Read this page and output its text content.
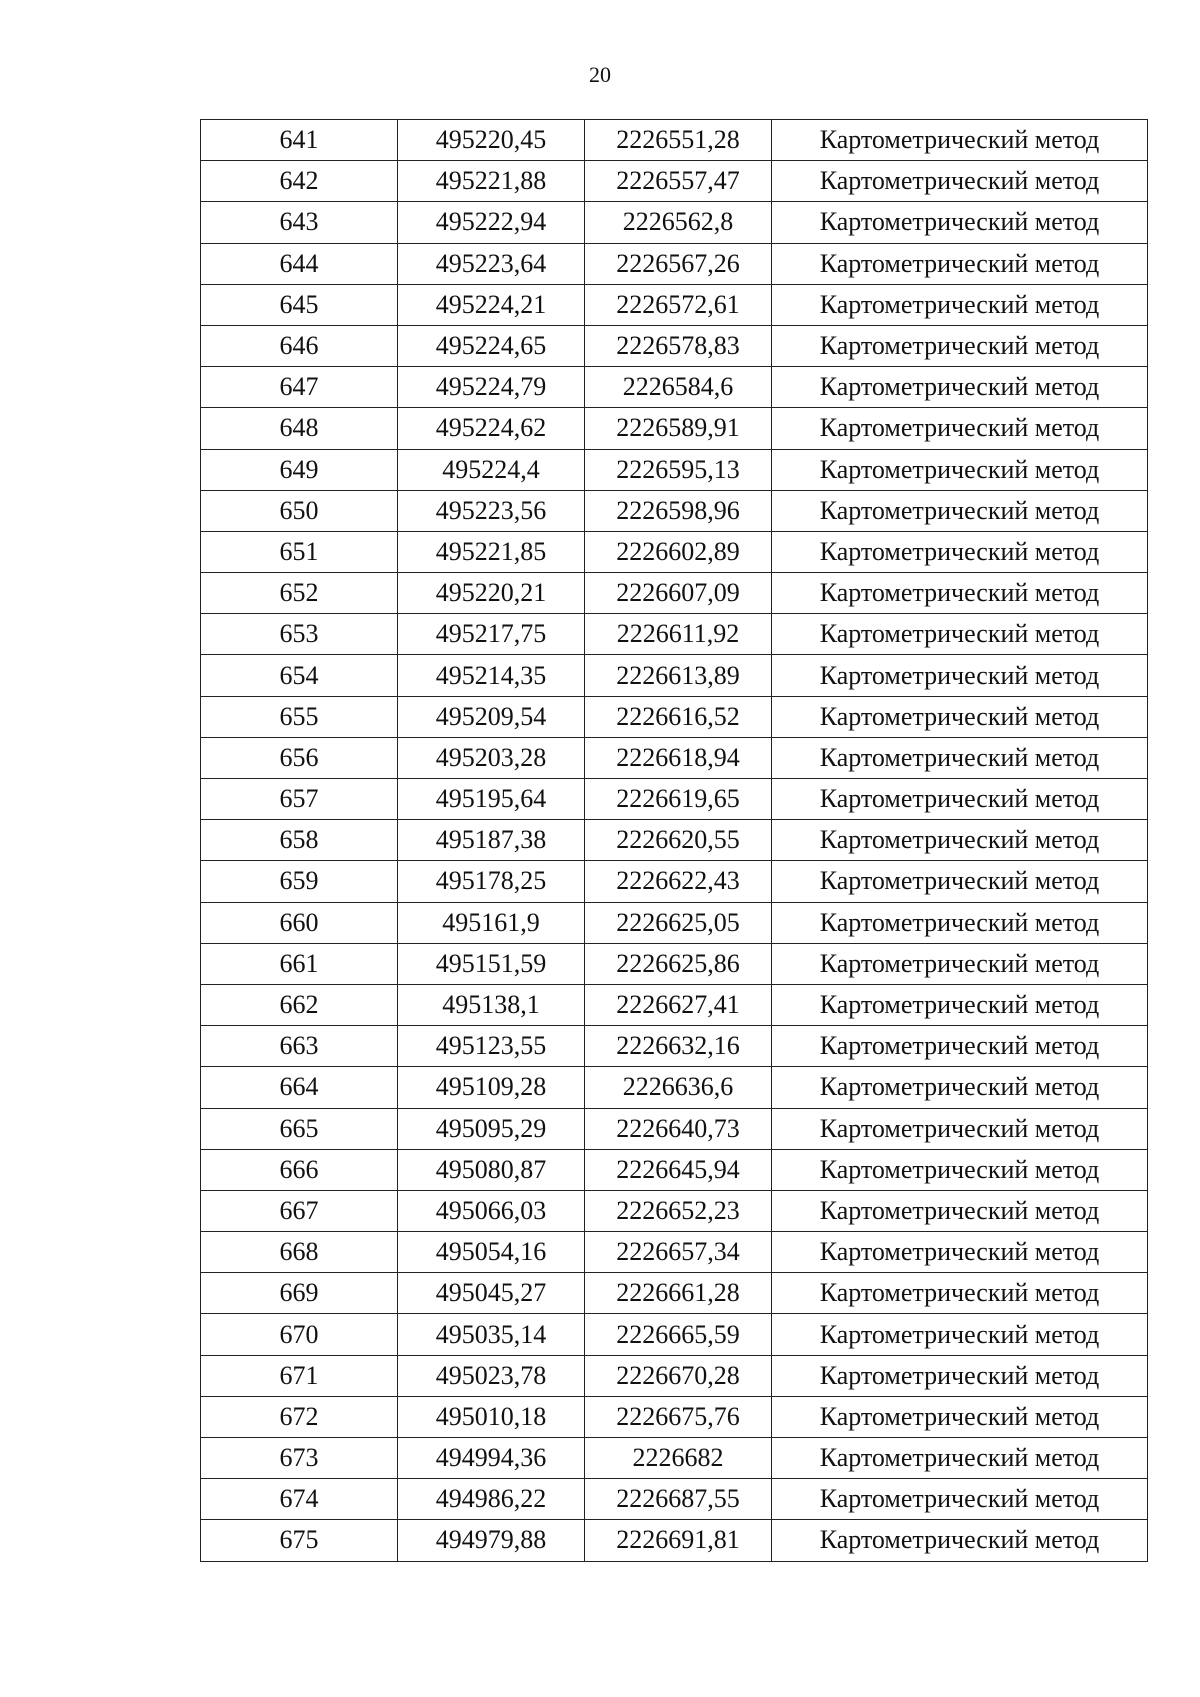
20
641	495220,45	2226551,28	Картометрический метод
642	495221,88	2226557,47	Картометрический метод
643	495222,94	2226562,8	Картометрический метод
644	495223,64	2226567,26	Картометрический метод
645	495224,21	2226572,61	Картометрический метод
646	495224,65	2226578,83	Картометрический метод
647	495224,79	2226584,6	Картометрический метод
648	495224,62	2226589,91	Картометрический метод
649	495224,4	2226595,13	Картометрический метод
650	495223,56	2226598,96	Картометрический метод
651	495221,85	2226602,89	Картометрический метод
652	495220,21	2226607,09	Картометрический метод
653	495217,75	2226611,92	Картометрический метод
654	495214,35	2226613,89	Картометрический метод
655	495209,54	2226616,52	Картометрический метод
656	495203,28	2226618,94	Картометрический метод
657	495195,64	2226619,65	Картометрический метод
658	495187,38	2226620,55	Картометрический метод
659	495178,25	2226622,43	Картометрический метод
660	495161,9	2226625,05	Картометрический метод
661	495151,59	2226625,86	Картометрический метод
662	495138,1	2226627,41	Картометрический метод
663	495123,55	2226632,16	Картометрический метод
664	495109,28	2226636,6	Картометрический метод
665	495095,29	2226640,73	Картометрический метод
666	495080,87	2226645,94	Картометрический метод
667	495066,03	2226652,23	Картометрический метод
668	495054,16	2226657,34	Картометрический метод
669	495045,27	2226661,28	Картометрический метод
670	495035,14	2226665,59	Картометрический метод
671	495023,78	2226670,28	Картометрический метод
672	495010,18	2226675,76	Картометрический метод
673	494994,36	2226682	Картометрический метод
674	494986,22	2226687,55	Картометрический метод
675	494979,88	2226691,81	Картометрический метод
